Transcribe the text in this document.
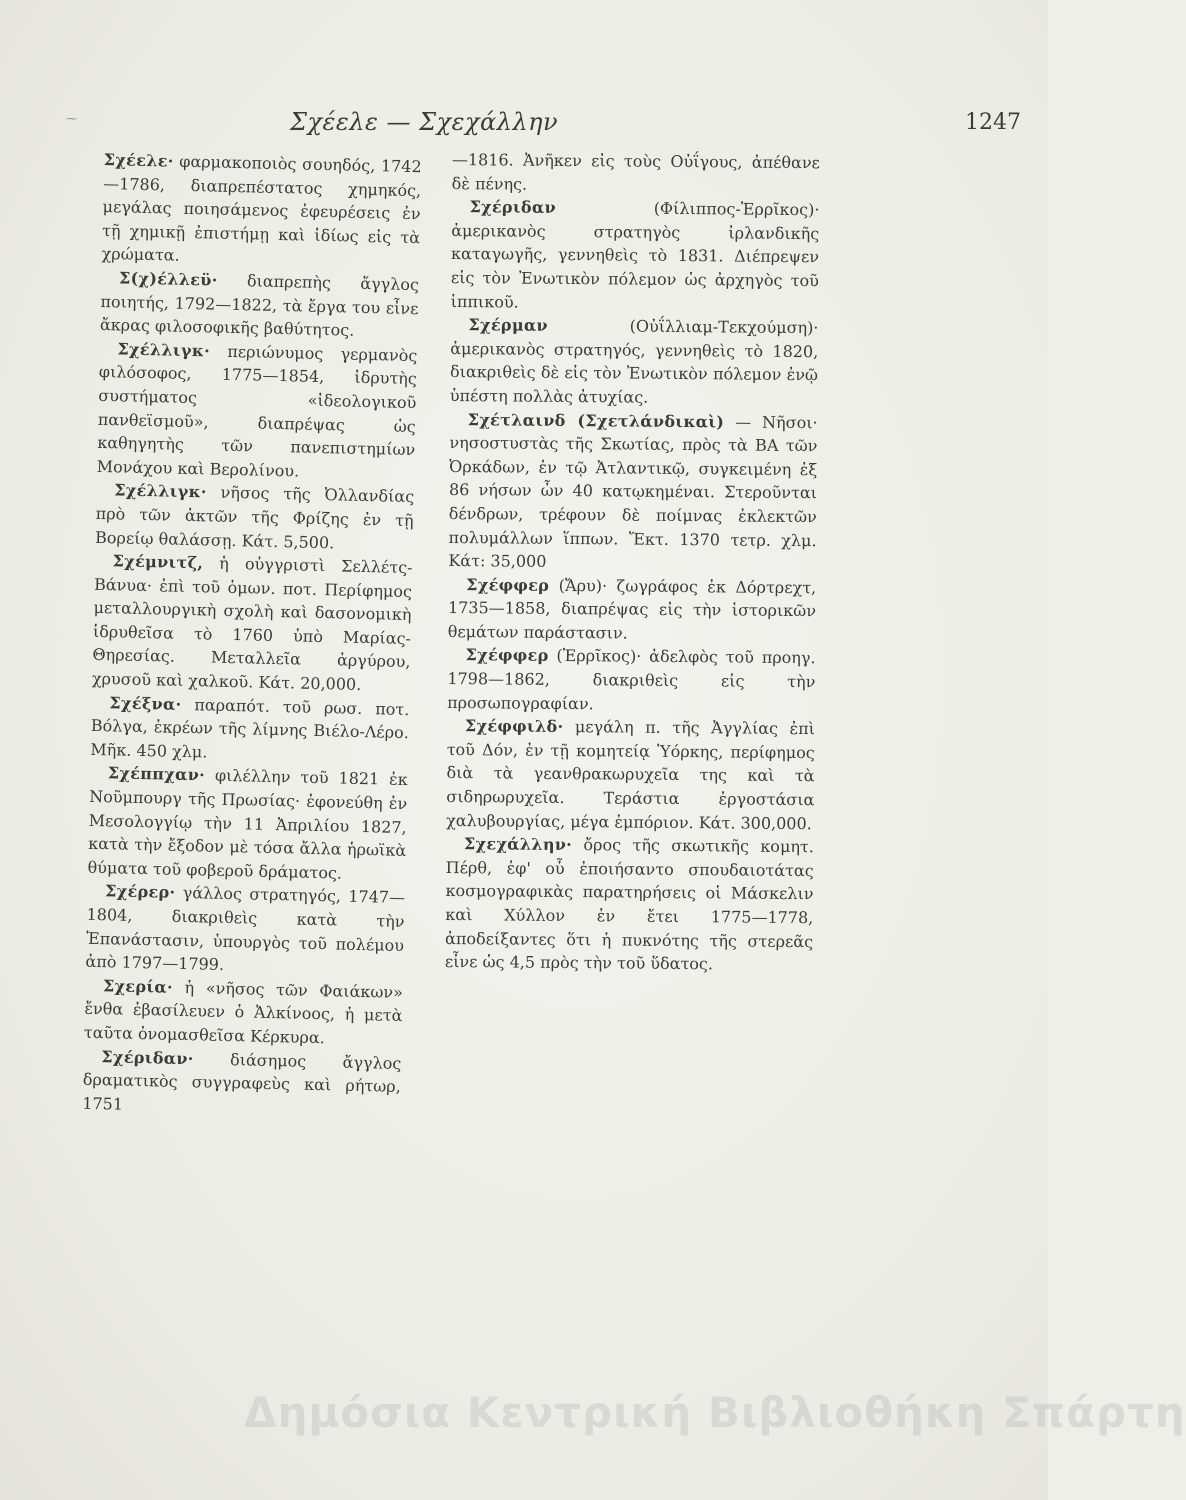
⁓	Σχέελε — Σχεχάλλην	1247

Σχέελε· φαρμακοποιὸς σουηδός, 1742—1786, διαπρεπέστατος χημηκός, μεγάλας ποιησάμενος ἐφευρέσεις ἐν τῇ χημικῇ ἐπιστήμῃ καὶ ἰδίως εἰς τὰ χρώματα.

Σ(χ)έλλεϋ· διαπρεπὴς ἄγγλος ποιητής, 1792—1822, τὰ ἔργα του εἶνε ἄκρας φιλοσοφικῆς βαθύτητος.

Σχέλλιγκ· περιώνυμος γερμανὸς φιλόσοφος, 1775—1854, ἱδρυτὴς συστήματος «ἰδεολογικοῦ πανθεϊσμοῦ», διαπρέψας ὡς καθηγητὴς τῶν πανεπιστημίων Μονάχου καὶ Βερολίνου.

Σχέλλιγκ· νῆσος τῆς Ὀλλανδίας πρὸ τῶν ἀκτῶν τῆς Φρίζης ἐν τῇ Βορείῳ θαλάσσῃ. Κάτ. 5,500.

Σχέμνιτζ, ἡ οὐγγριστὶ Σελλέτς-Βάνυα· ἐπὶ τοῦ ὁμων. ποτ. Περίφημος μεταλλουργικὴ σχολὴ καὶ δασονομικὴ ἱδρυθεῖσα τὸ 1760 ὑπὸ Μαρίας-Θηρεσίας. Μεταλλεῖα ἀργύρου, χρυσοῦ καὶ χαλκοῦ. Κάτ. 20,000.

Σχέξνα· παραπότ. τοῦ ρωσ. ποτ. Βόλγα, ἐκρέων τῆς λίμνης Βιέλο-Λέρο. Μῆκ. 450 χλμ.

Σχέππχαν· φιλέλλην τοῦ 1821 ἐκ Νοῦμπουργ τῆς Πρωσίας· ἐφονεύθη ἐν Μεσολογγίῳ τὴν 11 Ἀπριλίου 1827, κατὰ τὴν ἔξοδον μὲ τόσα ἄλλα ἡρωϊκὰ θύματα τοῦ φοβεροῦ δράματος.

Σχέρερ· γάλλος στρατηγός, 1747—1804, διακριθεὶς κατὰ τὴν Ἐπανάστασιν, ὑπουργὸς τοῦ πολέμου ἀπὸ 1797—1799.

Σχερία· ἡ «νῆσος τῶν Φαιάκων» ἔνθα ἐβασίλευεν ὁ Ἀλκίνοος, ἡ μετὰ ταῦτα ὀνομασθεῖσα Κέρκυρα.

Σχέριδαν· διάσημος ἄγγλος δραματικὸς συγγραφεὺς καὶ ρήτωρ, 1751

—1816. Ἀνῆκεν εἰς τοὺς Οὐΐγους, ἀπέθανε δὲ πένης.

Σχέριδαν (Φίλιππος-Ἐρρῖκος)· ἀμερικανὸς στρατηγὸς ἰρλανδικῆς καταγωγῆς, γεννηθεὶς τὸ 1831. Διέπρεψεν εἰς τὸν Ἐνωτικὸν πόλεμον ὡς ἀρχηγὸς τοῦ ἱππικοῦ.

Σχέρμαν (Οὐΐλλιαμ-Τεκχούμση)· ἀμερικανὸς στρατηγός, γεννηθεὶς τὸ 1820, διακριθεὶς δὲ εἰς τὸν Ἐνωτικὸν πόλεμον ἐνῷ ὑπέστη πολλὰς ἀτυχίας.

Σχέτλαινδ (Σχετλάνδικαὶ) — Νῆσοι· νησοστυστὰς τῆς Σκωτίας, πρὸς τὰ ΒΑ τῶν Ὀρκάδων, ἐν τῷ Ἀτλαντικῷ, συγκειμένη ἐξ 86 νήσων ὧν 40 κατῳκημέναι. Στεροῦνται δένδρων, τρέφουν δὲ ποίμνας ἐκλεκτῶν πολυμάλλων ἵππων. Ἔκτ. 1370 τετρ. χλμ. Κάτ: 35,000

Σχέφφερ (Ἄρυ)· ζωγράφος ἐκ Δόρτρεχτ, 1735—1858, διαπρέψας εἰς τὴν ἱστορικῶν θεμάτων παράστασιν.

Σχέφφερ (Ἐρρῖκος)· ἀδελφὸς τοῦ προηγ. 1798—1862, διακριθεὶς εἰς τὴν προσωπογραφίαν.

Σχέφφιλδ· μεγάλη π. τῆς Ἀγγλίας ἐπὶ τοῦ Δόν, ἐν τῇ κομητείᾳ Ὑόρκης, περίφημος διὰ τὰ γεανθρακωρυχεῖα της καὶ τὰ σιδηρωρυχεῖα. Τεράστια ἐργοστάσια χαλυβουργίας, μέγα ἐμπόριον. Κάτ. 300,000.

Σχεχάλλην· ὄρος τῆς σκωτικῆς κομητ. Πέρθ, ἐφ' οὗ ἐποιήσαντο σπουδαιοτάτας κοσμογραφικὰς παρατηρήσεις οἱ Μάσκελιν καὶ Χύλλον ἐν ἔτει 1775—1778, ἀποδείξαντες ὅτι ἡ πυκνότης τῆς στερεᾶς εἶνε ὡς 4,5 πρὸς τὴν τοῦ ὕδατος.

Δημόσια Κεντρική Βιβλιοθήκη Σπάρτη
